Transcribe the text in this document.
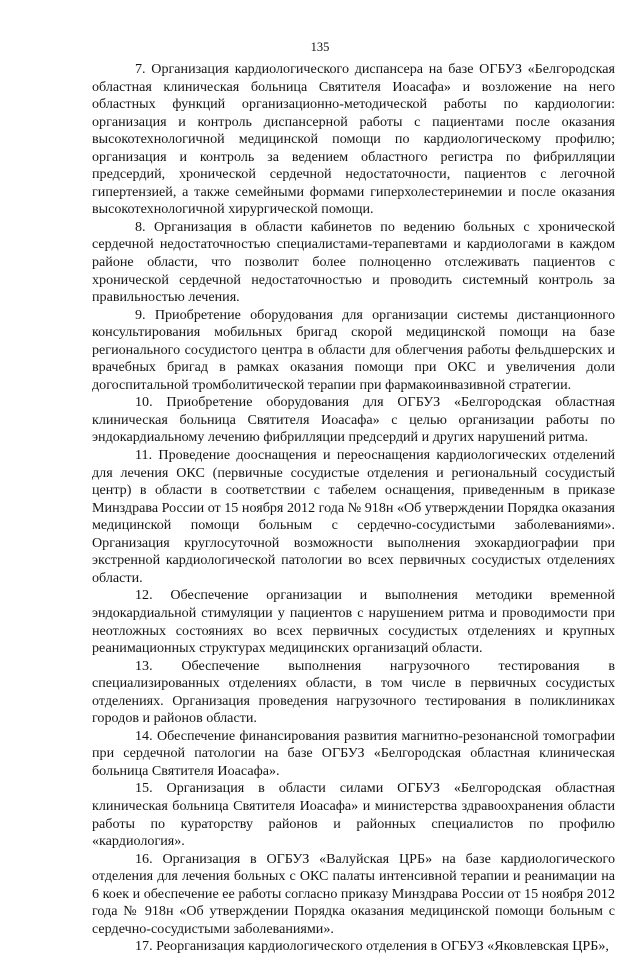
135

7. Организация кардиологического диспансера на базе ОГБУЗ «Белгородская областная клиническая больница Святителя Иоасафа» и возложение на него областных функций организационно-методической работы по кардиологии: организация и контроль диспансерной работы с пациентами после оказания высокотехнологичной медицинской помощи по кардиологическому профилю; организация и контроль за ведением областного регистра по фибрилляции предсердий, хронической сердечной недостаточности, пациентов с легочной гипертензией, а также семейными формами гиперхолестеринемии и после оказания высокотехнологичной хирургической помощи.

8. Организация в области кабинетов по ведению больных с хронической сердечной недостаточностью специалистами-терапевтами и кардиологами в каждом районе области, что позволит более полноценно отслеживать пациентов с хронической сердечной недостаточностью и проводить системный контроль за правильностью лечения.

9. Приобретение оборудования для организации системы дистанционного консультирования мобильных бригад скорой медицинской помощи на базе регионального сосудистого центра в области для облегчения работы фельдшерских и врачебных бригад в рамках оказания помощи при ОКС и увеличения доли догоспитальной тромболитической терапии при фармакоинвазивной стратегии.

10. Приобретение оборудования для ОГБУЗ «Белгородская областная клиническая больница Святителя Иоасафа» с целью организации работы по эндокардиальному лечению фибрилляции предсердий и других нарушений ритма.

11. Проведение дооснащения и переоснащения кардиологических отделений для лечения ОКС (первичные сосудистые отделения и региональный сосудистый центр) в области в соответствии с табелем оснащения, приведенным в приказе Минздрава России от 15 ноября 2012 года № 918н «Об утверждении Порядка оказания медицинской помощи больным с сердечно-сосудистыми заболеваниями». Организация круглосуточной возможности выполнения эхокардиографии при экстренной кардиологической патологии во всех первичных сосудистых отделениях области.

12. Обеспечение организации и выполнения методики временной эндокардиальной стимуляции у пациентов с нарушением ритма и проводимости при неотложных состояниях во всех первичных сосудистых отделениях и крупных реанимационных структурах медицинских организаций области.

13. Обеспечение выполнения нагрузочного тестирования в специализированных отделениях области, в том числе в первичных сосудистых отделениях. Организация проведения нагрузочного тестирования в поликлиниках городов и районов области.

14. Обеспечение финансирования развития магнитно-резонансной томографии при сердечной патологии на базе ОГБУЗ «Белгородская областная клиническая больница Святителя Иоасафа».

15. Организация в области силами ОГБУЗ «Белгородская областная клиническая больница Святителя Иоасафа» и министерства здравоохранения области работы по кураторству районов и районных специалистов по профилю «кардиология».

16. Организация в ОГБУЗ «Валуйская ЦРБ» на базе кардиологического отделения для лечения больных с ОКС палаты интенсивной терапии и реанимации на 6 коек и обеспечение ее работы согласно приказу Минздрава России от 15 ноября 2012 года № 918н «Об утверждении Порядка оказания медицинской помощи больным с сердечно-сосудистыми заболеваниями».

17. Реорганизация кардиологического отделения в ОГБУЗ «Яковлевская ЦРБ»,
